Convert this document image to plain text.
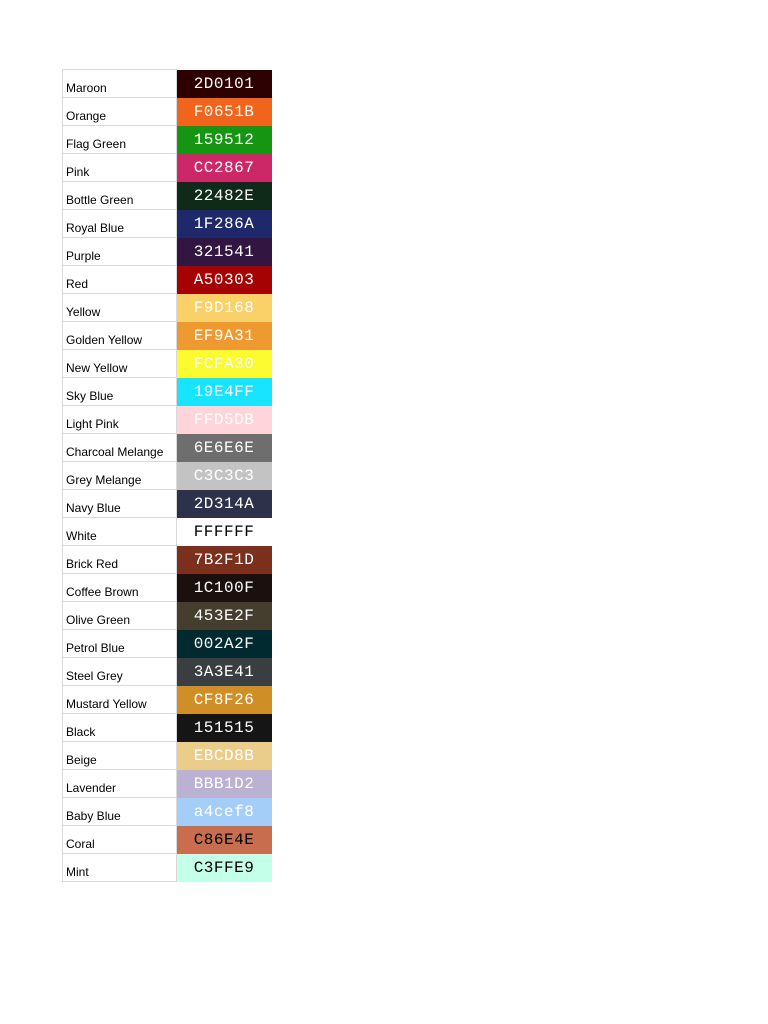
Maroon	2D0101
Orange	F0651B
Flag Green	159512
Pink	CC2867
Bottle Green	22482E
Royal Blue	1F286A
Purple	321541
Red	A50303
Yellow	F9D168
Golden Yellow	EF9A31
New Yellow	FCFA30
Sky Blue	19E4FF
Light Pink	FFD5DB
Charcoal Melange	6E6E6E
Grey Melange	C3C3C3
Navy Blue	2D314A
White	FFFFFF
Brick Red	7B2F1D
Coffee Brown	1C100F
Olive Green	453E2F
Petrol Blue	002A2F
Steel Grey	3A3E41
Mustard Yellow	CF8F26
Black	151515
Beige	EBCD8B
Lavender	BBB1D2
Baby Blue	a4cef8
Coral	C86E4E
Mint	C3FFE9
